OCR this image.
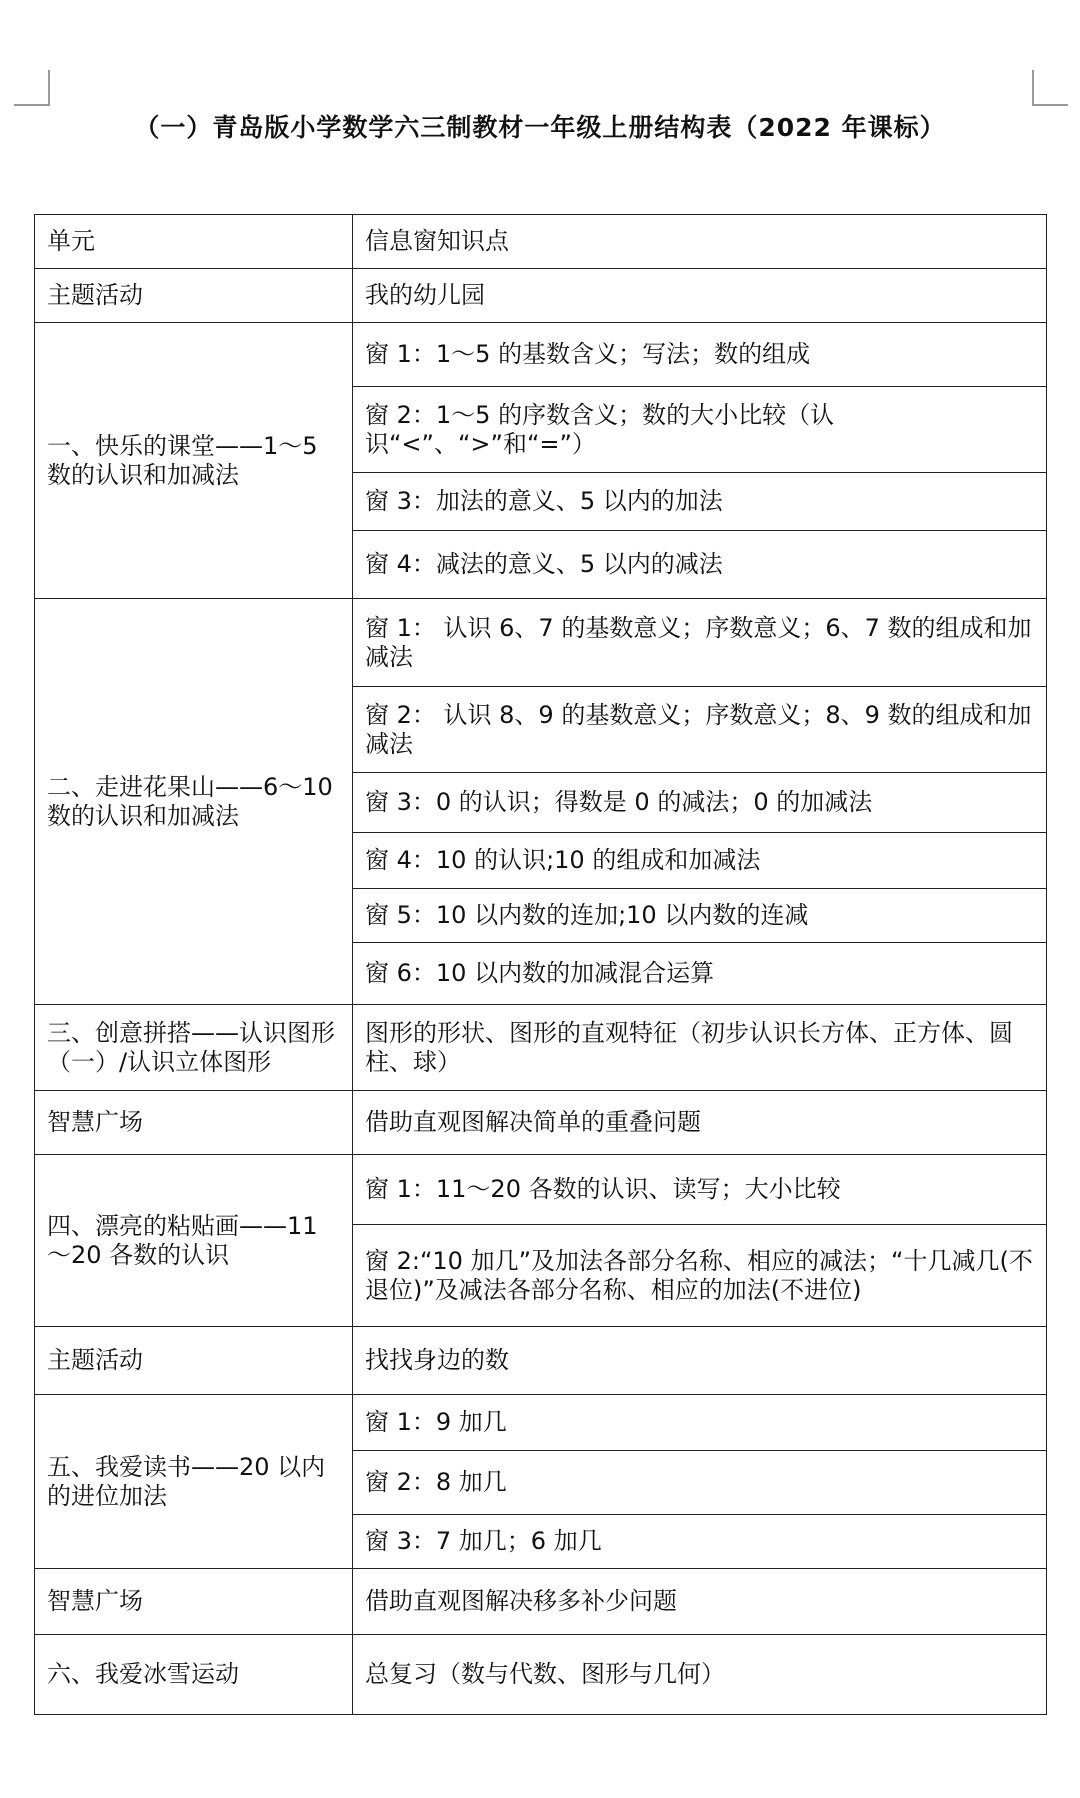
（一）青岛版小学数学六三制教材一年级上册结构表（2022 年课标）
单元	信息窗知识点
主题活动	我的幼儿园
一、快乐的课堂——1～5 数的认识和加减法	窗 1：1～5 的基数含义；写法；数的组成
	窗 2：1～5 的序数含义；数的大小比较（认识“<”、“>”和“=”）
	窗 3：加法的意义、5 以内的加法
	窗 4：减法的意义、5 以内的减法
二、走进花果山——6～10 数的认识和加减法	窗 1： 认识 6、7 的基数意义；序数意义；6、7 数的组成和加减法
	窗 2： 认识 8、9 的基数意义；序数意义；8、9 数的组成和加减法
	窗 3：0 的认识；得数是 0 的减法；0 的加减法
	窗 4：10 的认识;10 的组成和加减法
	窗 5：10 以内数的连加;10 以内数的连减
	窗 6：10 以内数的加减混合运算
三、创意拼搭——认识图形（一）/认识立体图形	图形的形状、图形的直观特征（初步认识长方体、正方体、圆柱、球）
智慧广场	借助直观图解决简单的重叠问题
四、漂亮的粘贴画——11～20 各数的认识	窗 1：11～20 各数的认识、读写；大小比较
	窗 2:“10 加几”及加法各部分名称、相应的减法；“十几减几(不退位)”及减法各部分名称、相应的加法(不进位)
主题活动	找找身边的数
五、我爱读书——20 以内的进位加法	窗 1：9 加几
	窗 2：8 加几
	窗 3：7 加几；6 加几
智慧广场	借助直观图解决移多补少问题
六、我爱冰雪运动	总复习（数与代数、图形与几何）
